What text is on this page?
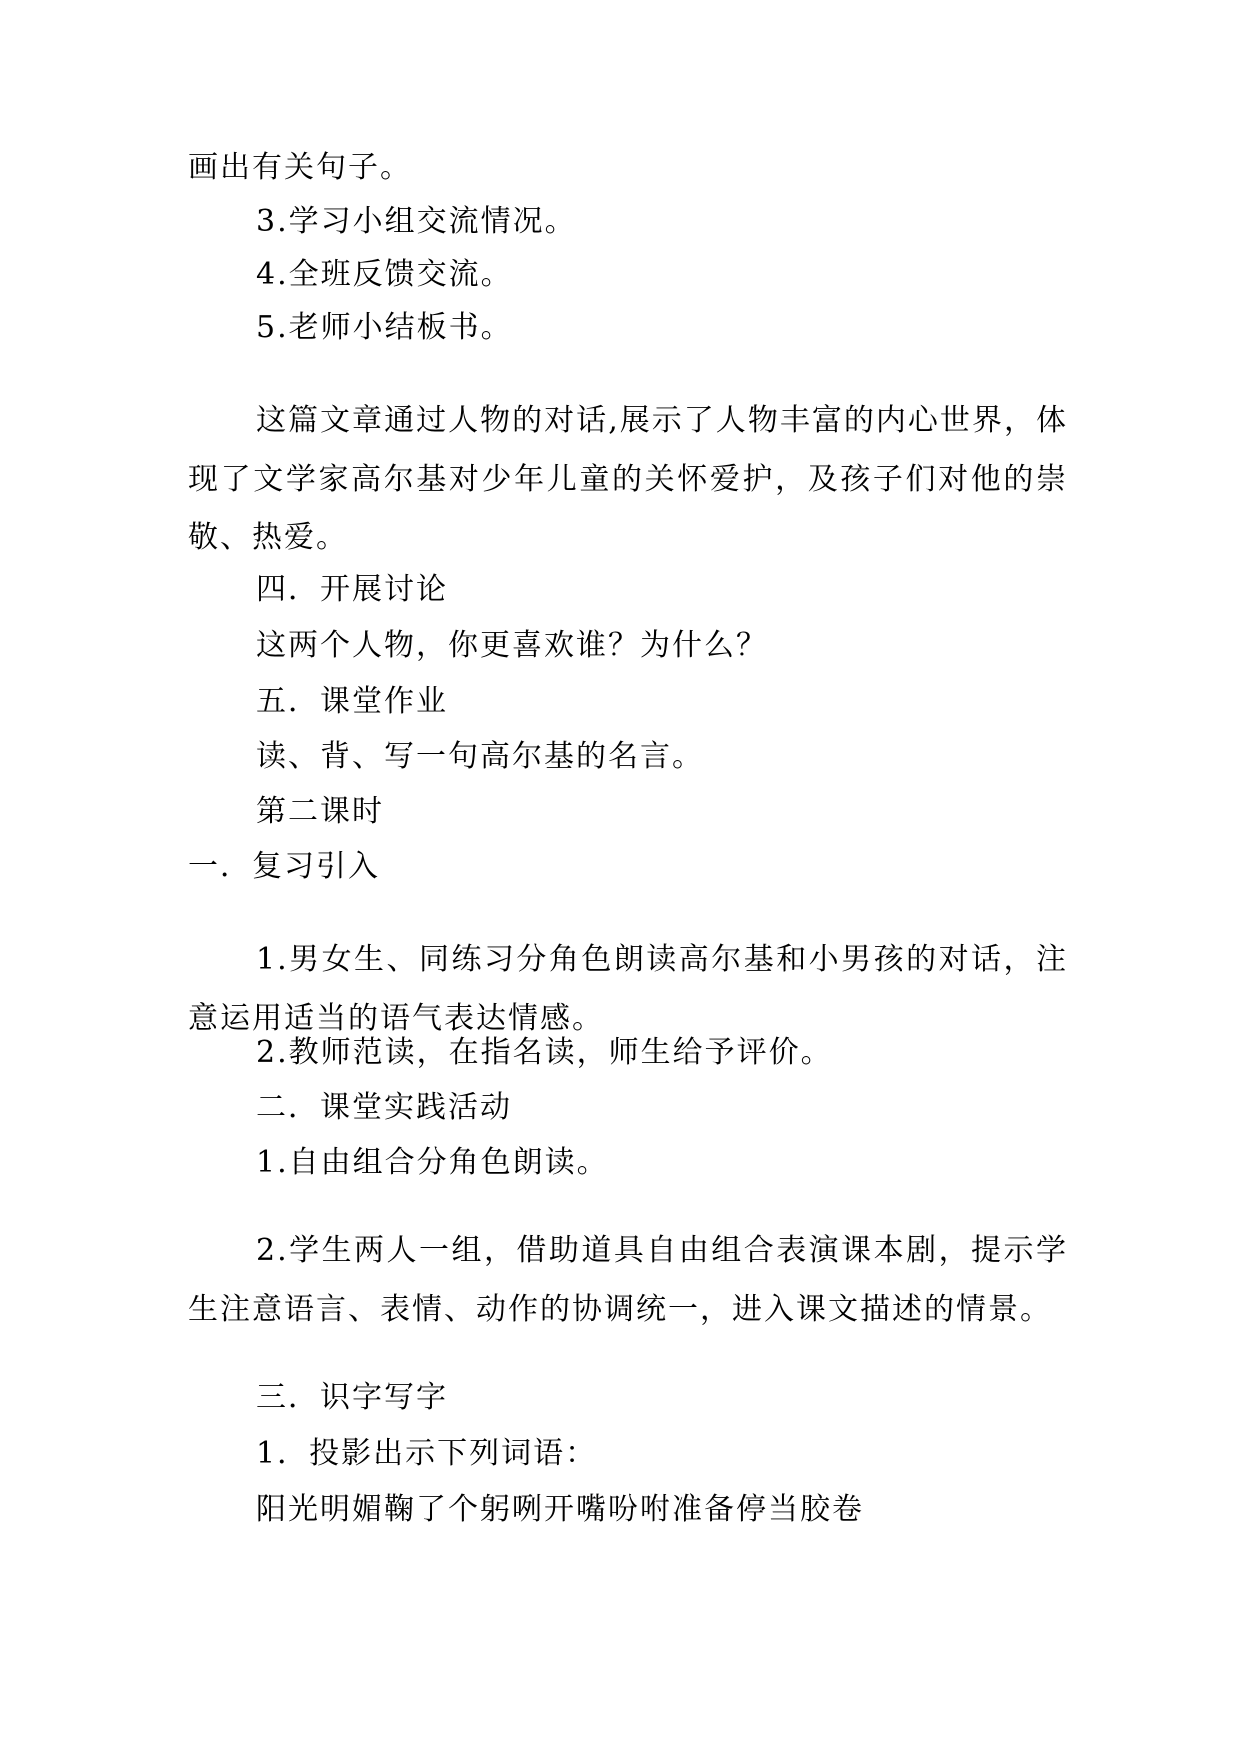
画出有关句子。
3.学习小组交流情况。
4.全班反馈交流。
5.老师小结板书。
这篇文章通过人物的对话,展示了人物丰富的内心世界，体现了文学家高尔基对少年儿童的关怀爱护，及孩子们对他的崇敬、热爱。
四．开展讨论
这两个人物，你更喜欢谁？为什么？
五．课堂作业
读、背、写一句高尔基的名言。
第二课时
一．复习引入
1.男女生、同练习分角色朗读高尔基和小男孩的对话，注意运用适当的语气表达情感。
2.教师范读，在指名读，师生给予评价。
二．课堂实践活动
1.自由组合分角色朗读。
2.学生两人一组，借助道具自由组合表演课本剧，提示学生注意语言、表情、动作的协调统一，进入课文描述的情景。
三．识字写字
1．投影出示下列词语：
阳光明媚鞠了个躬咧开嘴吩咐准备停当胶卷
